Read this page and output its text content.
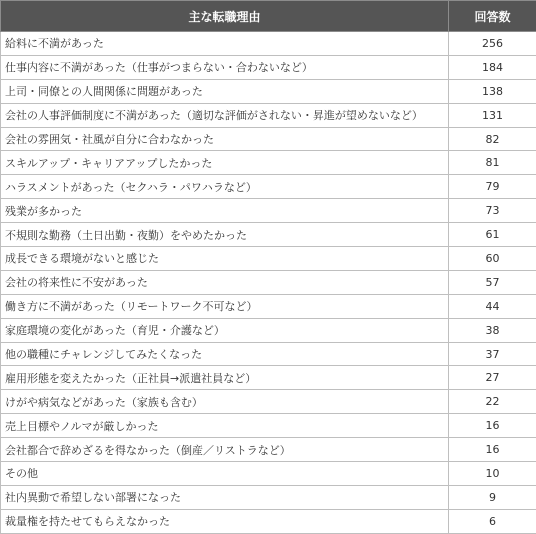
主な転職理由	回答数
給料に不満があった	256
仕事内容に不満があった（仕事がつまらない・合わないなど）	184
上司・同僚との人間関係に問題があった	138
会社の人事評価制度に不満があった（適切な評価がされない・昇進が望めないなど）	131
会社の雰囲気・社風が自分に合わなかった	82
スキルアップ・キャリアアップしたかった	81
ハラスメントがあった（セクハラ・パワハラなど）	79
残業が多かった	73
不規則な勤務（土日出勤・夜勤）をやめたかった	61
成長できる環境がないと感じた	60
会社の将来性に不安があった	57
働き方に不満があった（リモートワーク不可など）	44
家庭環境の変化があった（育児・介護など）	38
他の職種にチャレンジしてみたくなった	37
雇用形態を変えたかった（正社員→派遣社員など）	27
けがや病気などがあった（家族も含む）	22
売上目標やノルマが厳しかった	16
会社都合で辞めざるを得なかった（倒産／リストラなど）	16
その他	10
社内異動で希望しない部署になった	9
裁量権を持たせてもらえなかった	6
